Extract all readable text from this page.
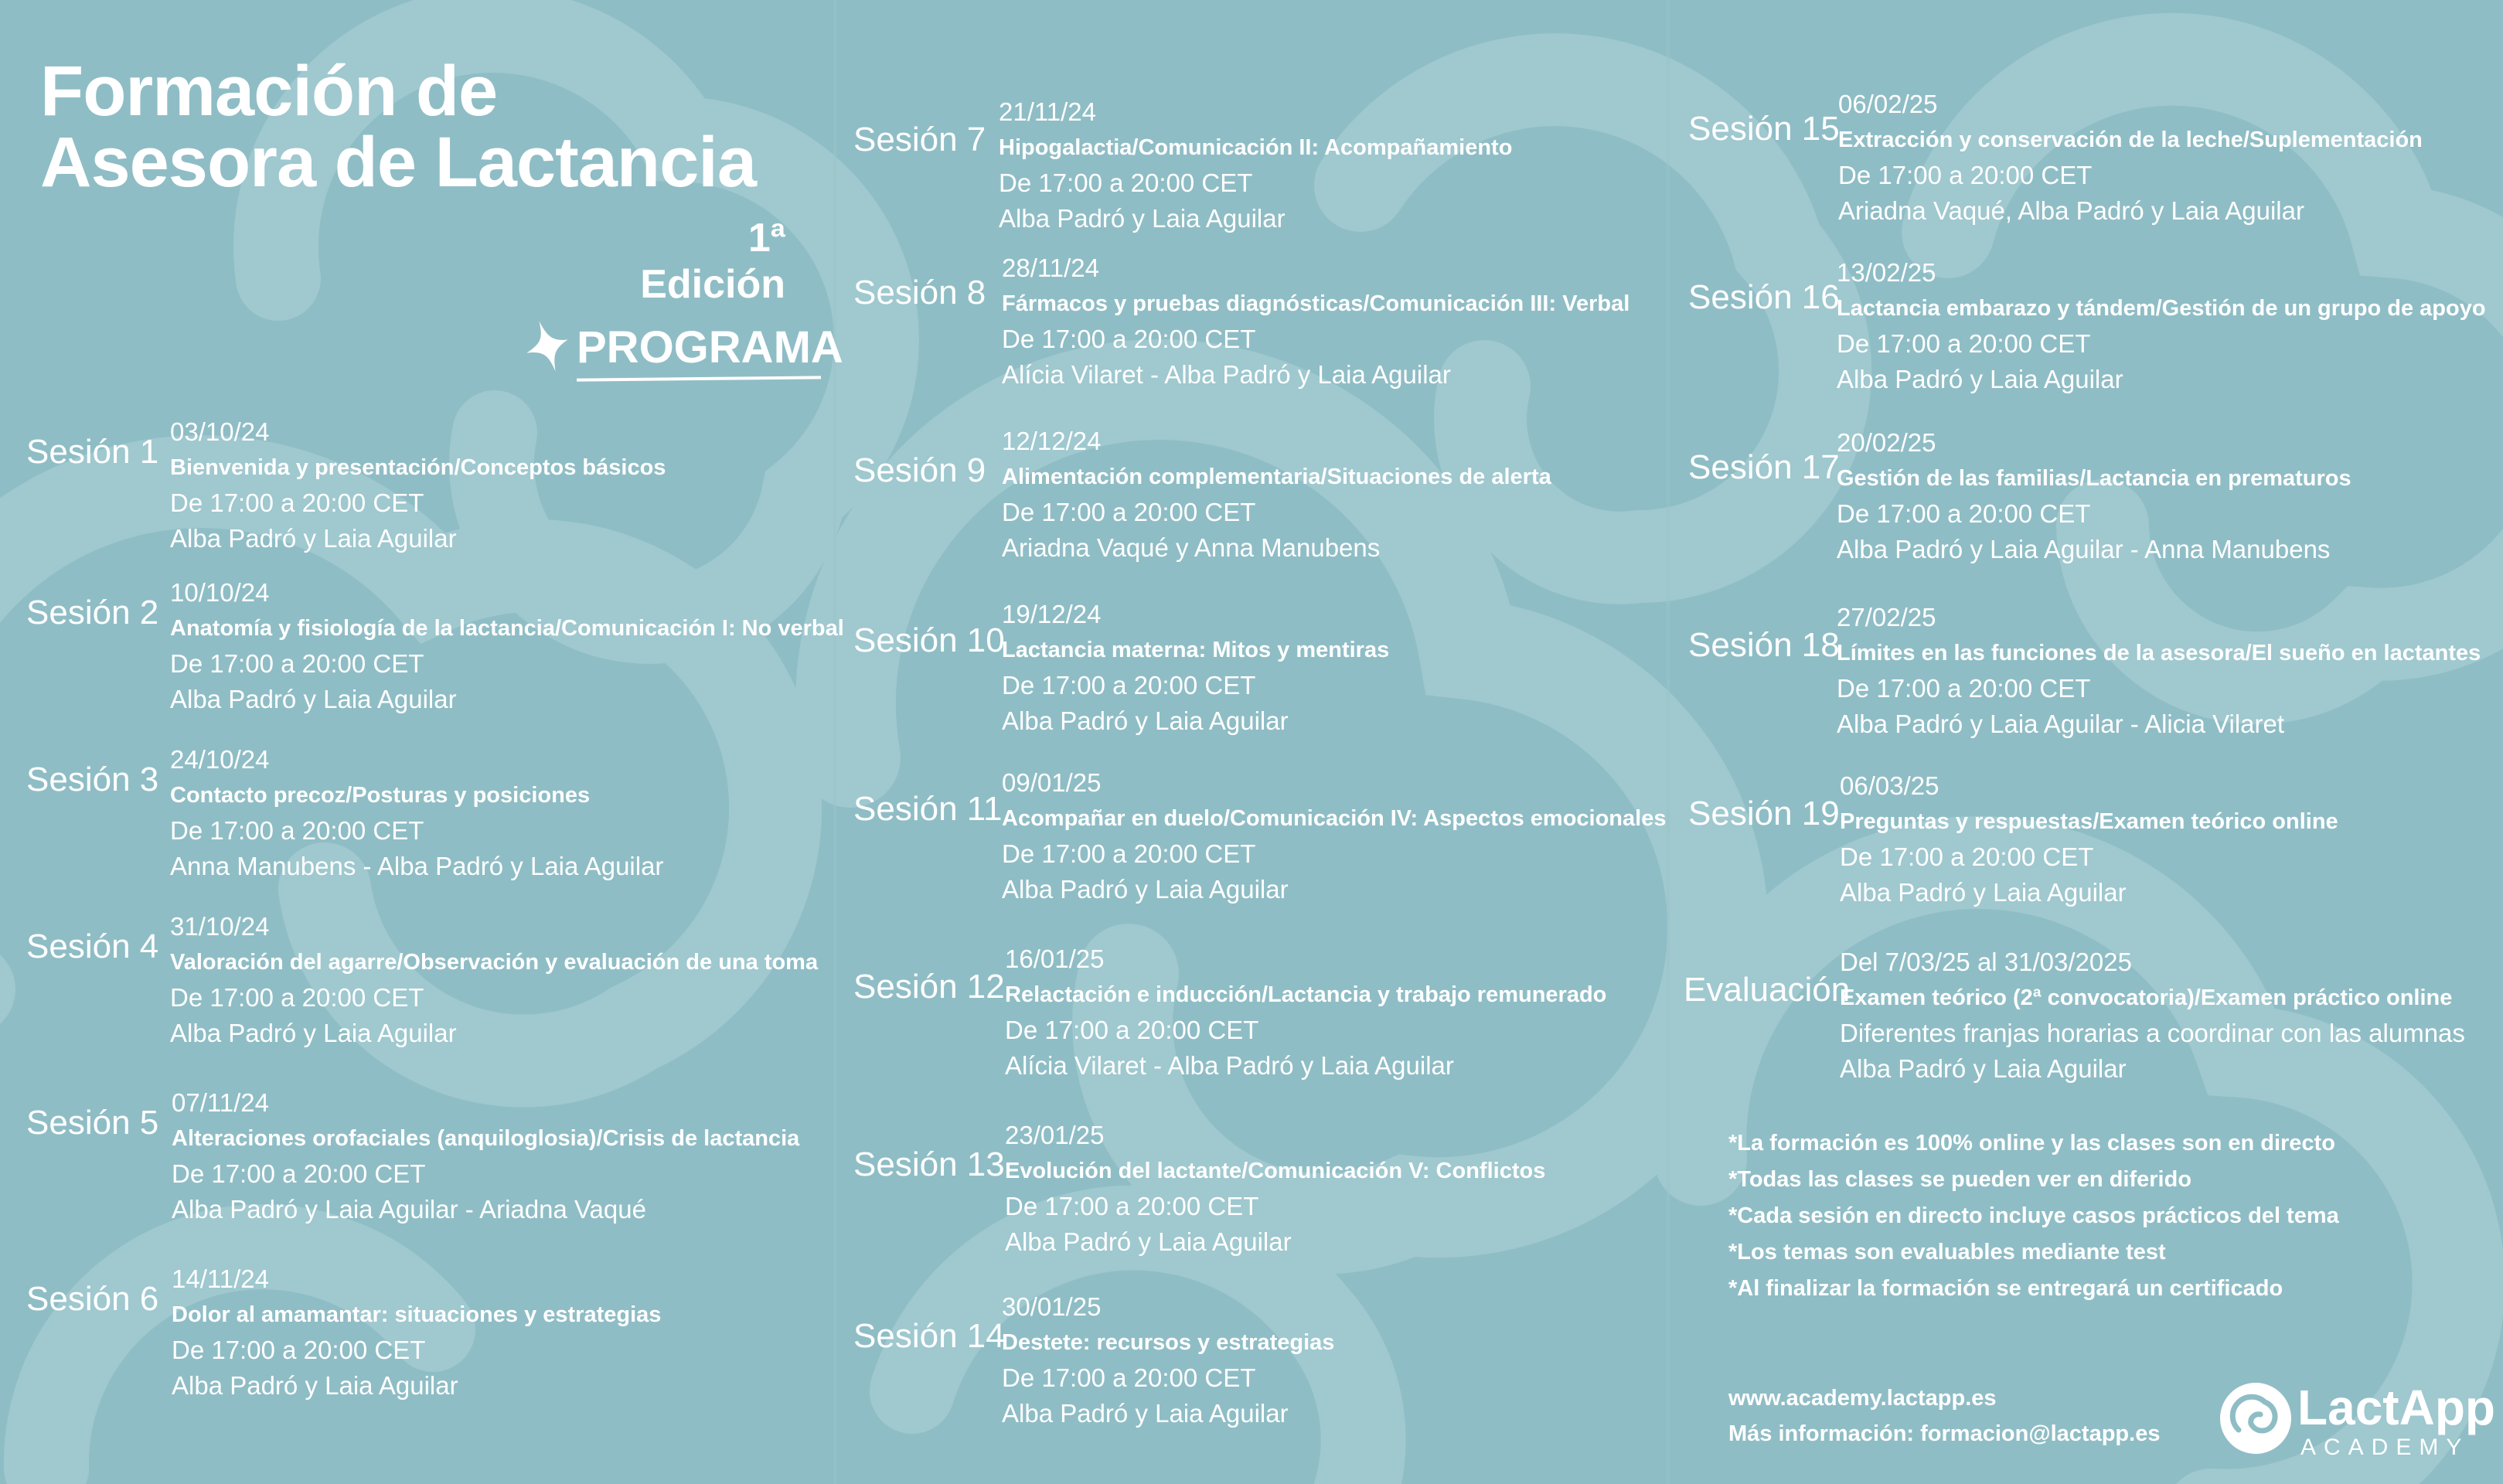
Formación de
Asesora de Lactancia
1ª Edición
PROGRAMA
Sesión 1
03/10/24
Bienvenida y presentación/Conceptos básicos
De 17:00 a 20:00 CET
Alba Padró y Laia Aguilar
Sesión 2
10/10/24
Anatomía y fisiología de la lactancia/Comunicación I: No verbal
De 17:00 a 20:00 CET
Alba Padró y Laia Aguilar
Sesión 3
24/10/24
Contacto precoz/Posturas y posiciones
De 17:00 a 20:00 CET
Anna Manubens - Alba Padró y Laia Aguilar
Sesión 4
31/10/24
Valoración del agarre/Observación y evaluación de una toma
De 17:00 a 20:00 CET
Alba Padró y Laia Aguilar
Sesión 5
07/11/24
Alteraciones orofaciales (anquiloglosia)/Crisis de lactancia
De 17:00 a 20:00 CET
Alba Padró y Laia Aguilar - Ariadna Vaqué
Sesión 6
14/11/24
Dolor al amamantar: situaciones y estrategias
De 17:00 a 20:00 CET
Alba Padró y Laia Aguilar
Sesión 7
21/11/24
Hipogalactia/Comunicación II: Acompañamiento
De 17:00 a 20:00 CET
Alba Padró y Laia Aguilar
Sesión 8
28/11/24
Fármacos y pruebas diagnósticas/Comunicación III: Verbal
De 17:00 a 20:00 CET
Alícia Vilaret - Alba Padró y Laia Aguilar
Sesión 9
12/12/24
Alimentación complementaria/Situaciones de alerta
De 17:00 a 20:00 CET
Ariadna Vaqué y Anna Manubens
Sesión 10
19/12/24
Lactancia materna: Mitos y mentiras
De 17:00 a 20:00 CET
Alba Padró y Laia Aguilar
Sesión 11
09/01/25
Acompañar en duelo/Comunicación IV: Aspectos emocionales
De 17:00 a 20:00 CET
Alba Padró y Laia Aguilar
Sesión 12
16/01/25
Relactación e inducción/Lactancia y trabajo remunerado
De 17:00 a 20:00 CET
Alícia Vilaret - Alba Padró y Laia Aguilar
Sesión 13
23/01/25
Evolución del lactante/Comunicación V: Conflictos
De 17:00 a 20:00 CET
Alba Padró y Laia Aguilar
Sesión 14
30/01/25
Destete: recursos y estrategias
De 17:00 a 20:00 CET
Alba Padró y Laia Aguilar
Sesión 15
06/02/25
Extracción y conservación de la leche/Suplementación
De 17:00 a 20:00 CET
Ariadna Vaqué, Alba Padró y Laia Aguilar
Sesión 16
13/02/25
Lactancia embarazo y tándem/Gestión de un grupo de apoyo
De 17:00 a 20:00 CET
Alba Padró y Laia Aguilar
Sesión 17
20/02/25
Gestión de las familias/Lactancia en prematuros
De 17:00 a 20:00 CET
Alba Padró y Laia Aguilar - Anna Manubens
Sesión 18
27/02/25
Límites en las funciones de la asesora/El sueño en lactantes
De 17:00 a 20:00 CET
Alba Padró y Laia Aguilar - Alicia Vilaret
Sesión 19
06/03/25
Preguntas y respuestas/Examen teórico online
De 17:00 a 20:00 CET
Alba Padró y Laia Aguilar
Evaluación
Del 7/03/25 al 31/03/2025
Examen teórico (2ª convocatoria)/Examen práctico online
Diferentes franjas horarias a coordinar con las alumnas
Alba Padró y Laia Aguilar
*La formación es 100% online y las clases son en directo
*Todas las clases se pueden ver en diferido
*Cada sesión en directo incluye casos prácticos del tema
*Los temas son evaluables mediante test
*Al finalizar la formación se entregará un certificado
www.academy.lactapp.es
Más información: formacion@lactapp.es	LactApp
ACADEMY
